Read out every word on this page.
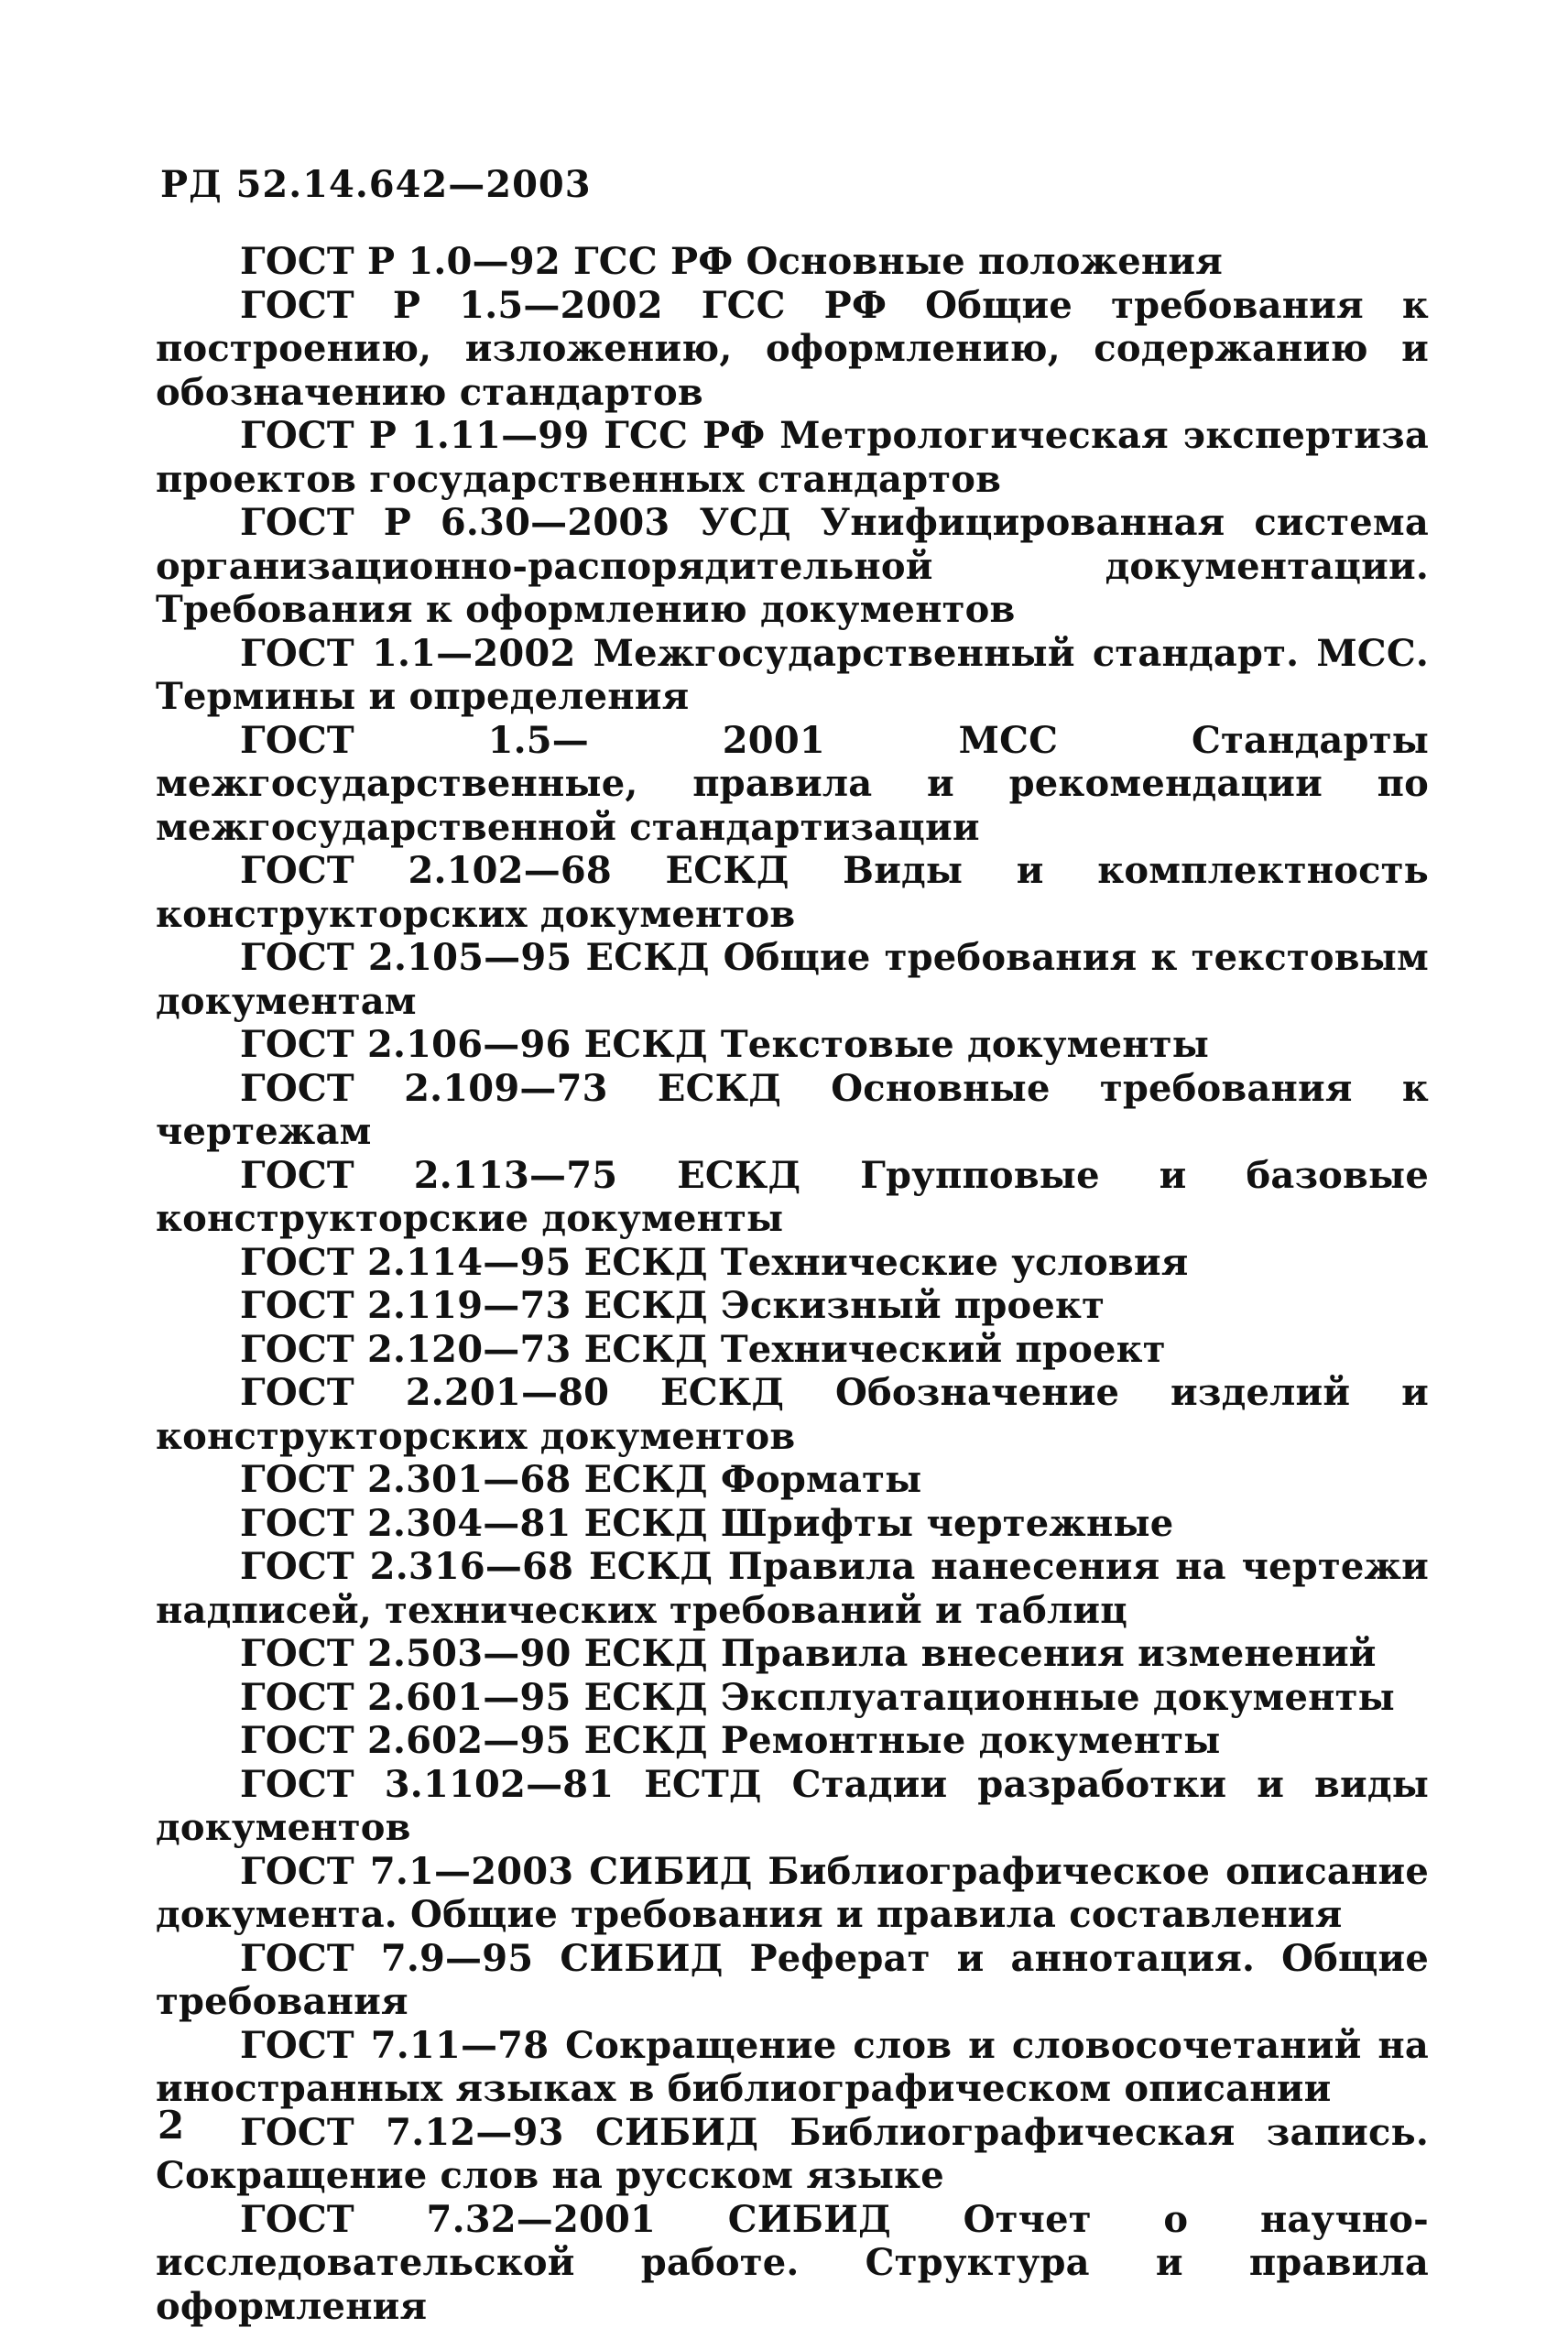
РД 52.14.642—2003

ГОСТ Р 1.0—92 ГСС РФ Основные положения

ГОСТ Р 1.5—2002 ГСС РФ Общие требования к построению, изложению, оформлению, содержанию и обозначению стандартов

ГОСТ Р 1.11—99 ГСС РФ Метрологическая экспертиза проектов государственных стандартов

ГОСТ Р 6.30—2003 УСД Унифицированная система организационно-распорядительной документации. Требования к оформлению документов

ГОСТ 1.1—2002 Межгосударственный стандарт. МСС. Термины и определения

ГОСТ 1.5— 2001 МСС Стандарты межгосударственные, правила и рекомендации по межгосударственной стандартизации

ГОСТ 2.102—68 ЕСКД Виды и комплектность конструкторских документов

ГОСТ 2.105—95 ЕСКД Общие требования к текстовым документам

ГОСТ 2.106—96 ЕСКД Текстовые документы

ГОСТ 2.109—73 ЕСКД Основные требования к чертежам

ГОСТ 2.113—75 ЕСКД Групповые и базовые конструкторские документы

ГОСТ 2.114—95 ЕСКД Технические условия

ГОСТ 2.119—73 ЕСКД Эскизный проект

ГОСТ 2.120—73 ЕСКД Технический проект

ГОСТ 2.201—80 ЕСКД Обозначение изделий и конструкторских документов

ГОСТ 2.301—68 ЕСКД Форматы

ГОСТ 2.304—81 ЕСКД Шрифты чертежные

ГОСТ 2.316—68 ЕСКД Правила нанесения на чертежи надписей, технических требований и таблиц

ГОСТ 2.503—90 ЕСКД Правила внесения изменений

ГОСТ 2.601—95 ЕСКД Эксплуатационные документы

ГОСТ 2.602—95 ЕСКД Ремонтные документы

ГОСТ 3.1102—81 ЕСТД Стадии разработки и виды документов

ГОСТ 7.1—2003 СИБИД Библиографическое описание документа. Общие требования и правила составления

ГОСТ 7.9—95 СИБИД Реферат и аннотация. Общие требования

ГОСТ 7.11—78 Сокращение слов и словосочетаний на иностранных языках в библиографическом описании

ГОСТ 7.12—93 СИБИД Библиографическая запись. Сокращение слов на русском языке

ГОСТ 7.32—2001 СИБИД Отчет о научно-исследовательской работе. Структура и правила оформления

2
